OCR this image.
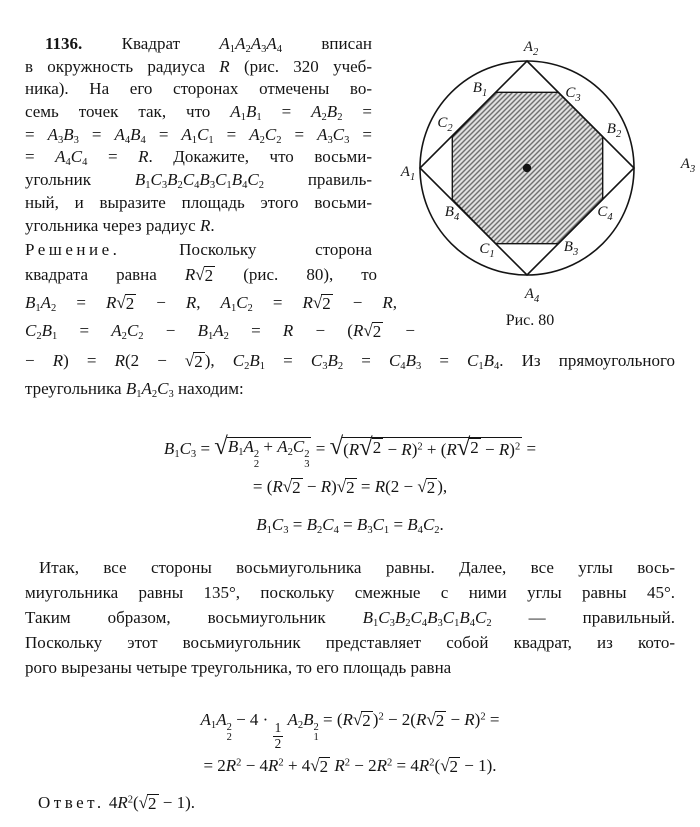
1136. Квадрат $A_1A_2A_3A_4$ вписан
в окружность радиуса R (рис. 320 учеб-
ника). На его сторонах отмечены во-
семь точек так, что $A_1B_1 = A_2B_2$ =
= $A_3B_3 = A_4B_4 = A_1C_1 = A_2C_2 = A_3C_3$ =
= $A_4C_4 = R$. Докажите, что восьми-
угольник $B_1C_3B_2C_4B_3C_1B_4C_2$ правиль-
ный, и выразите площадь этого восьми-
угольника через радиус R.
$A_2$
$B_1$	$C_3$
$C_2$	$B_2$
$A_1$
$A_3$
$B_4$	$C_4$
$C_1$	$B_3$
$A_4$
Рис. 80
Решение. Поскольку сторона
квадрата равна R √ 2 (рис. 80), то
$B_1A_2 = R$ √ 2 − R, $A_1C_2 = R$ √ 2 − R,
$C_2B_1 = A_2C_2 - B_1A_2 = R - (R$ √ 2 −
− R) = R(2 − √ 2 ), $C_2B_1 = C_3B_2 = C_4B_3 = C_1B_4$. Из прямоугольного
треугольника $B_1A_2C_3$ находим:
$B_1C_3$ = √ $B_1A$ 2
2
+ $A_2C$ 2
3
= √ (R √ 2 − R)$^2$ + (R √ 2 − R)$^2$ =
= (R √ 2 − R) √ 2 = R(2 − √ 2 ),
$B_1C_3 = B_2C_4 = B_3C_1 = B_4C_2$.
Итак, все стороны восьмиугольника равны. Далее, все углы вось-
миугольника равны 135°, поскольку смежные с ними углы равны 45°.
Таким образом, восьмиугольник $B_1C_3B_2C_4B_3C_1B_4C_2$ — правильный.
Поскольку этот восьмиугольник представляет собой квадрат, из кото-
рого вырезаны четыре треугольника, то его площадь равна
$A_1A$ 2
2
− 4 ·
$\frac{1}{2}$
$A_2B$ 2
1
= (R √ 2 )$^2$ − 2(R √ 2 − R)$^2$ =
= $2R^2 - 4R^2 + 4$ √ 2 $R^2 - 2R^2 = 4R^2$( √ 2 − 1).
Ответ. $4R^2$( √ 2 − 1).
